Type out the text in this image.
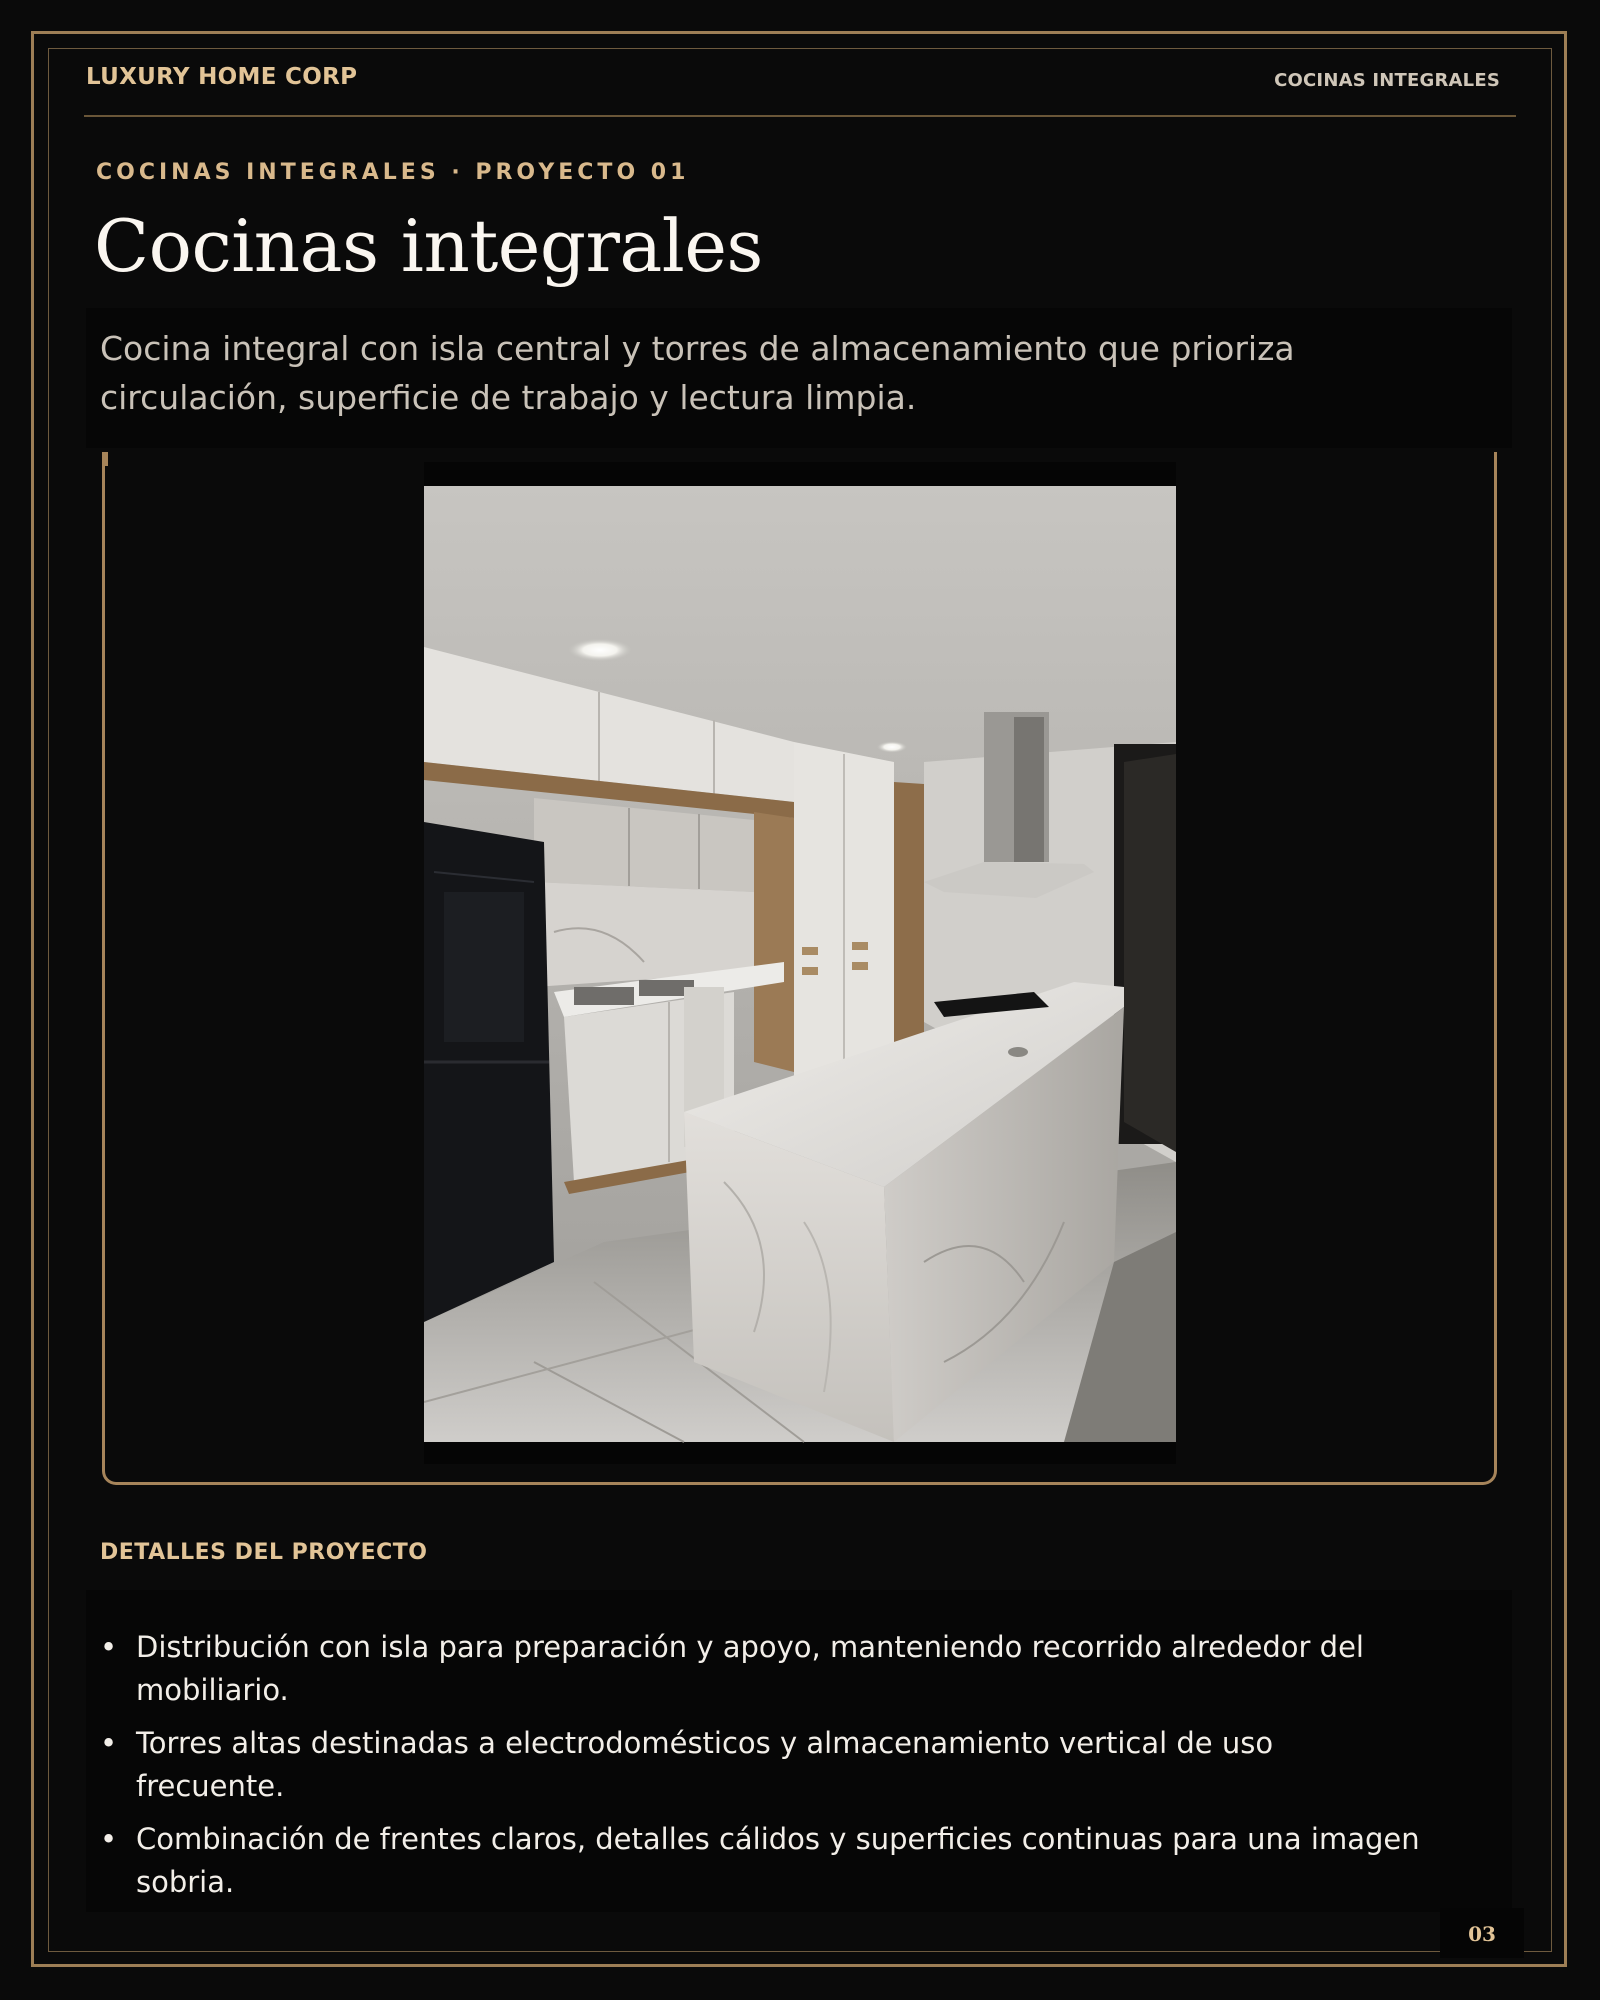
LUXURY HOME CORP	COCINAS INTEGRALES
COCINAS INTEGRALES · PROYECTO 01
Cocinas integrales
Cocina integral con isla central y torres de almacenamiento que prioriza circulación, superficie de trabajo y lectura limpia.
DETALLES DEL PROYECTO
• Distribución con isla para preparación y apoyo, manteniendo recorrido alrededor del mobiliario.
• Torres altas destinadas a electrodomésticos y almacenamiento vertical de uso frecuente.
• Combinación de frentes claros, detalles cálidos y superficies continuas para una imagen sobria.
03
